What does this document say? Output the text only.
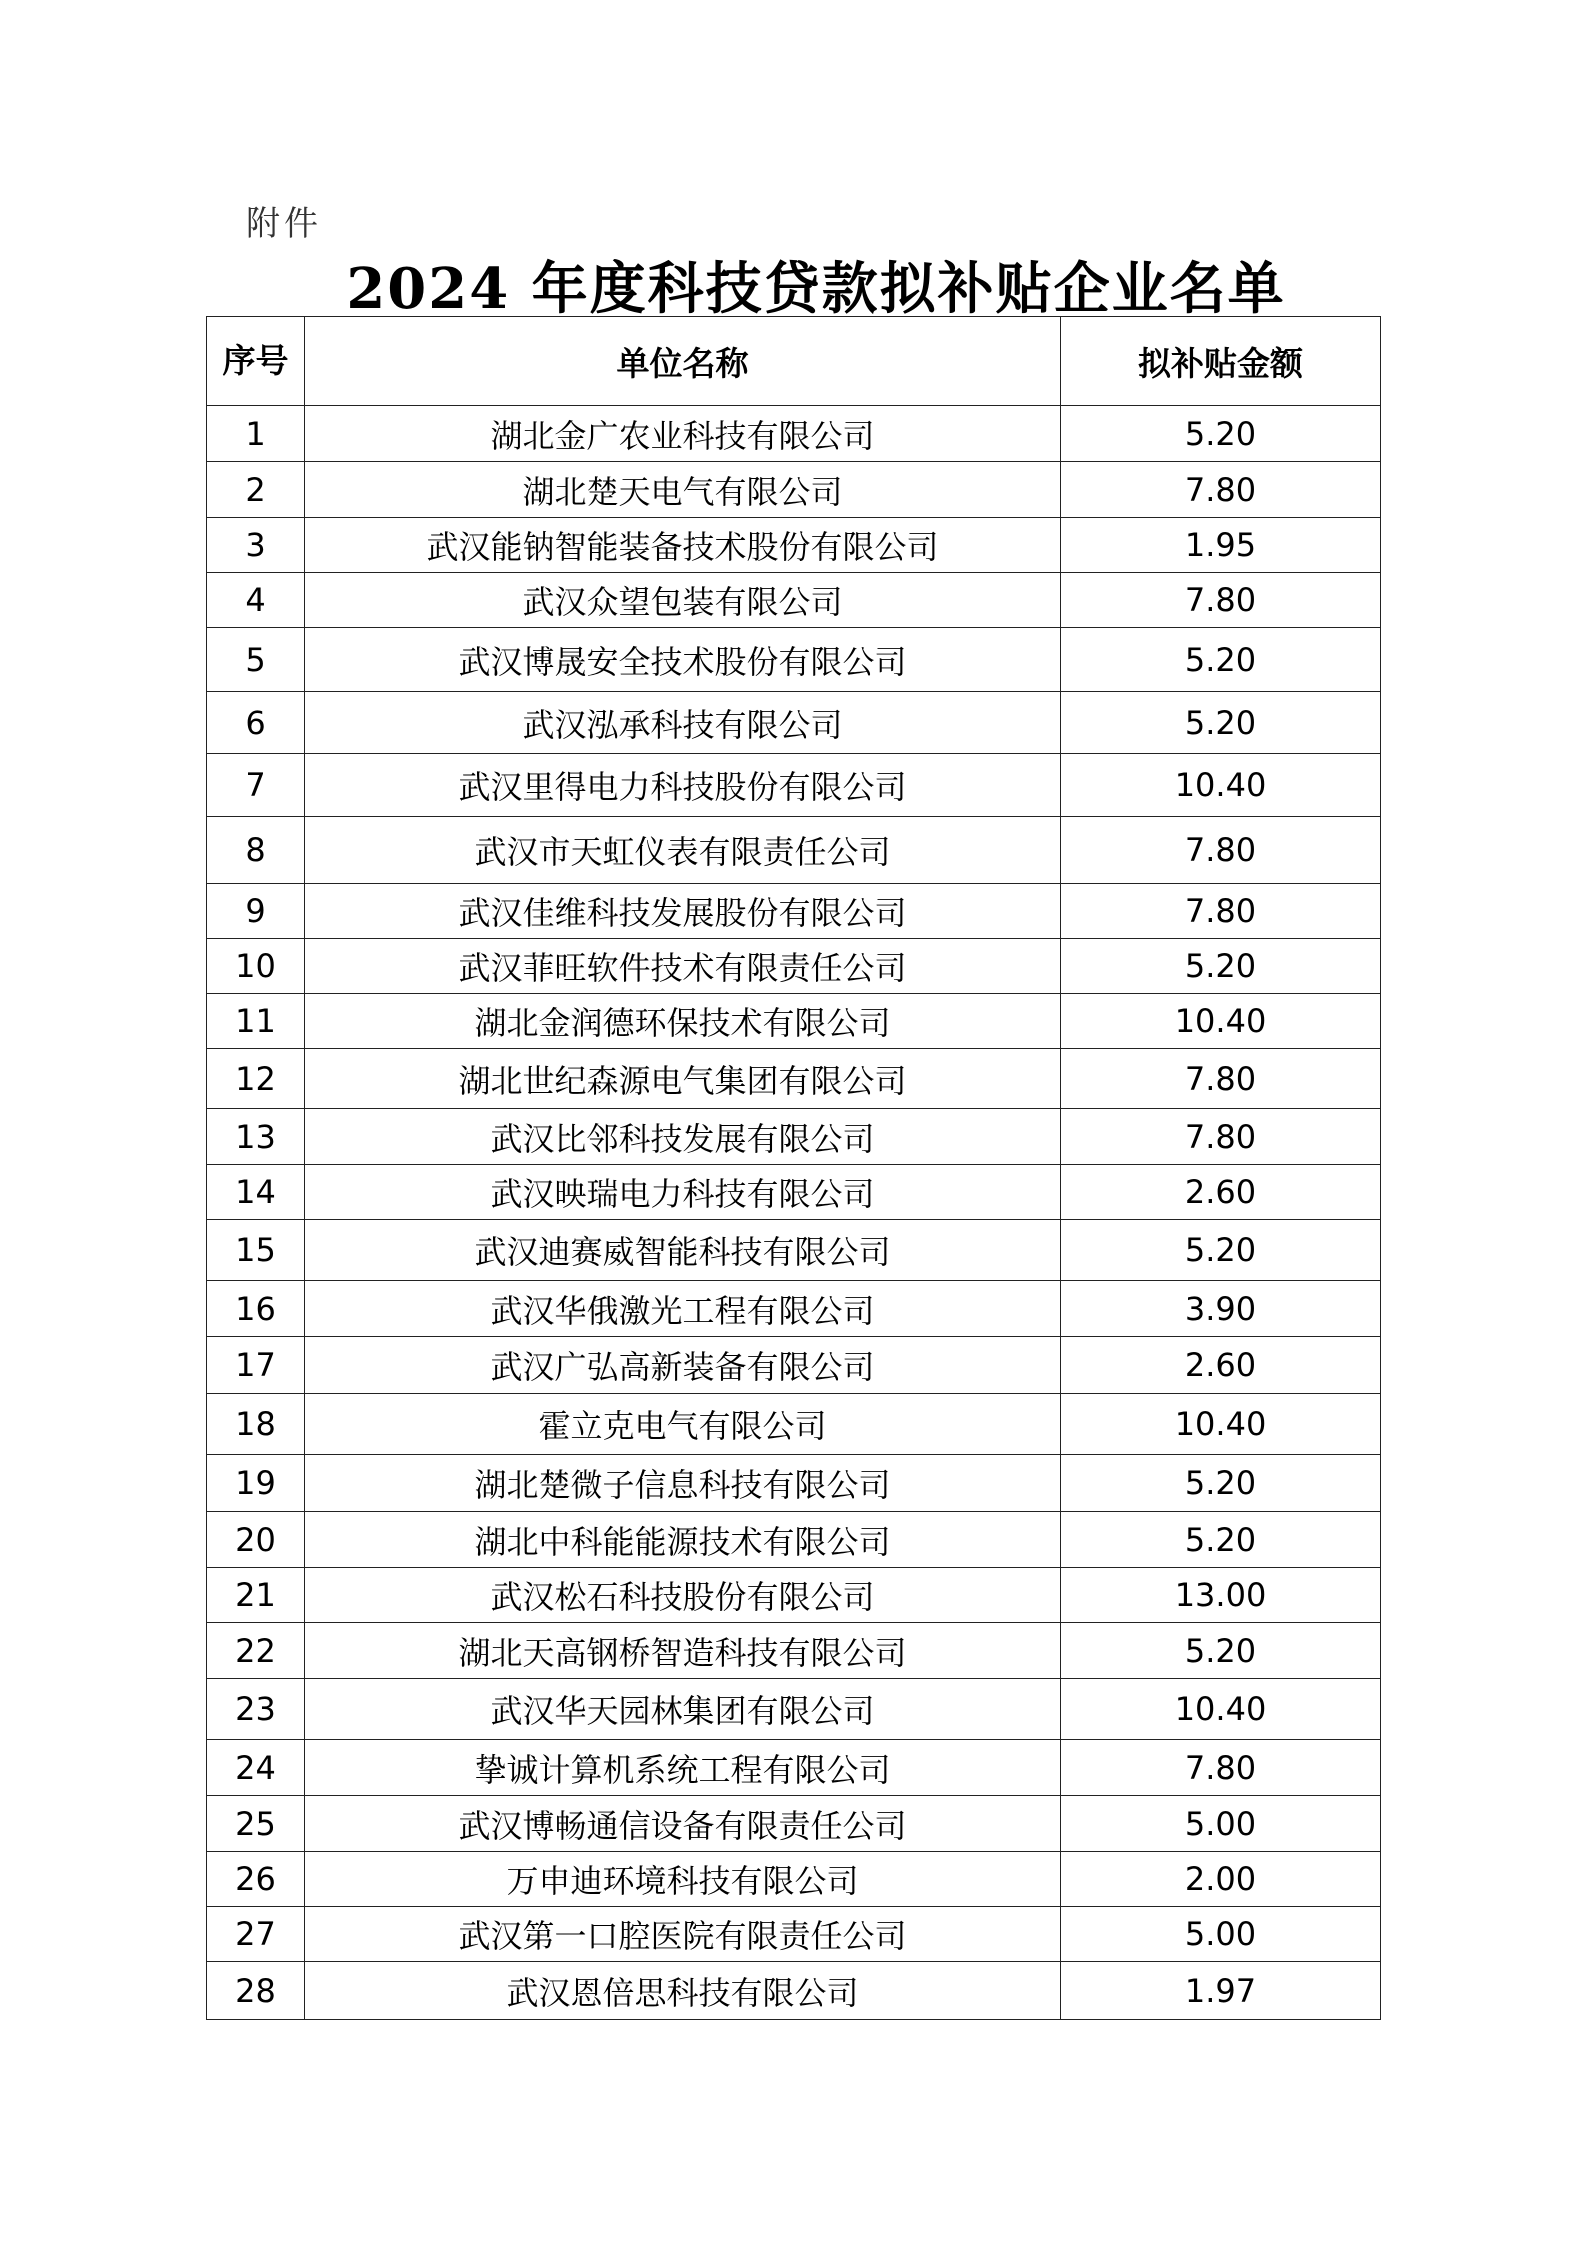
附件
2024 年度科技贷款拟补贴企业名单
序号	单位名称	拟补贴金额
1	湖北金广农业科技有限公司	5.20
2	湖北楚天电气有限公司	7.80
3	武汉能钠智能装备技术股份有限公司	1.95
4	武汉众望包装有限公司	7.80
5	武汉博晟安全技术股份有限公司	5.20
6	武汉泓承科技有限公司	5.20
7	武汉里得电力科技股份有限公司	10.40
8	武汉市天虹仪表有限责任公司	7.80
9	武汉佳维科技发展股份有限公司	7.80
10	武汉菲旺软件技术有限责任公司	5.20
11	湖北金润德环保技术有限公司	10.40
12	湖北世纪森源电气集团有限公司	7.80
13	武汉比邻科技发展有限公司	7.80
14	武汉映瑞电力科技有限公司	2.60
15	武汉迪赛威智能科技有限公司	5.20
16	武汉华俄激光工程有限公司	3.90
17	武汉广弘高新装备有限公司	2.60
18	霍立克电气有限公司	10.40
19	湖北楚微子信息科技有限公司	5.20
20	湖北中科能能源技术有限公司	5.20
21	武汉松石科技股份有限公司	13.00
22	湖北天高钢桥智造科技有限公司	5.20
23	武汉华天园林集团有限公司	10.40
24	挚诚计算机系统工程有限公司	7.80
25	武汉博畅通信设备有限责任公司	5.00
26	万申迪环境科技有限公司	2.00
27	武汉第一口腔医院有限责任公司	5.00
28	武汉恩倍思科技有限公司	1.97
